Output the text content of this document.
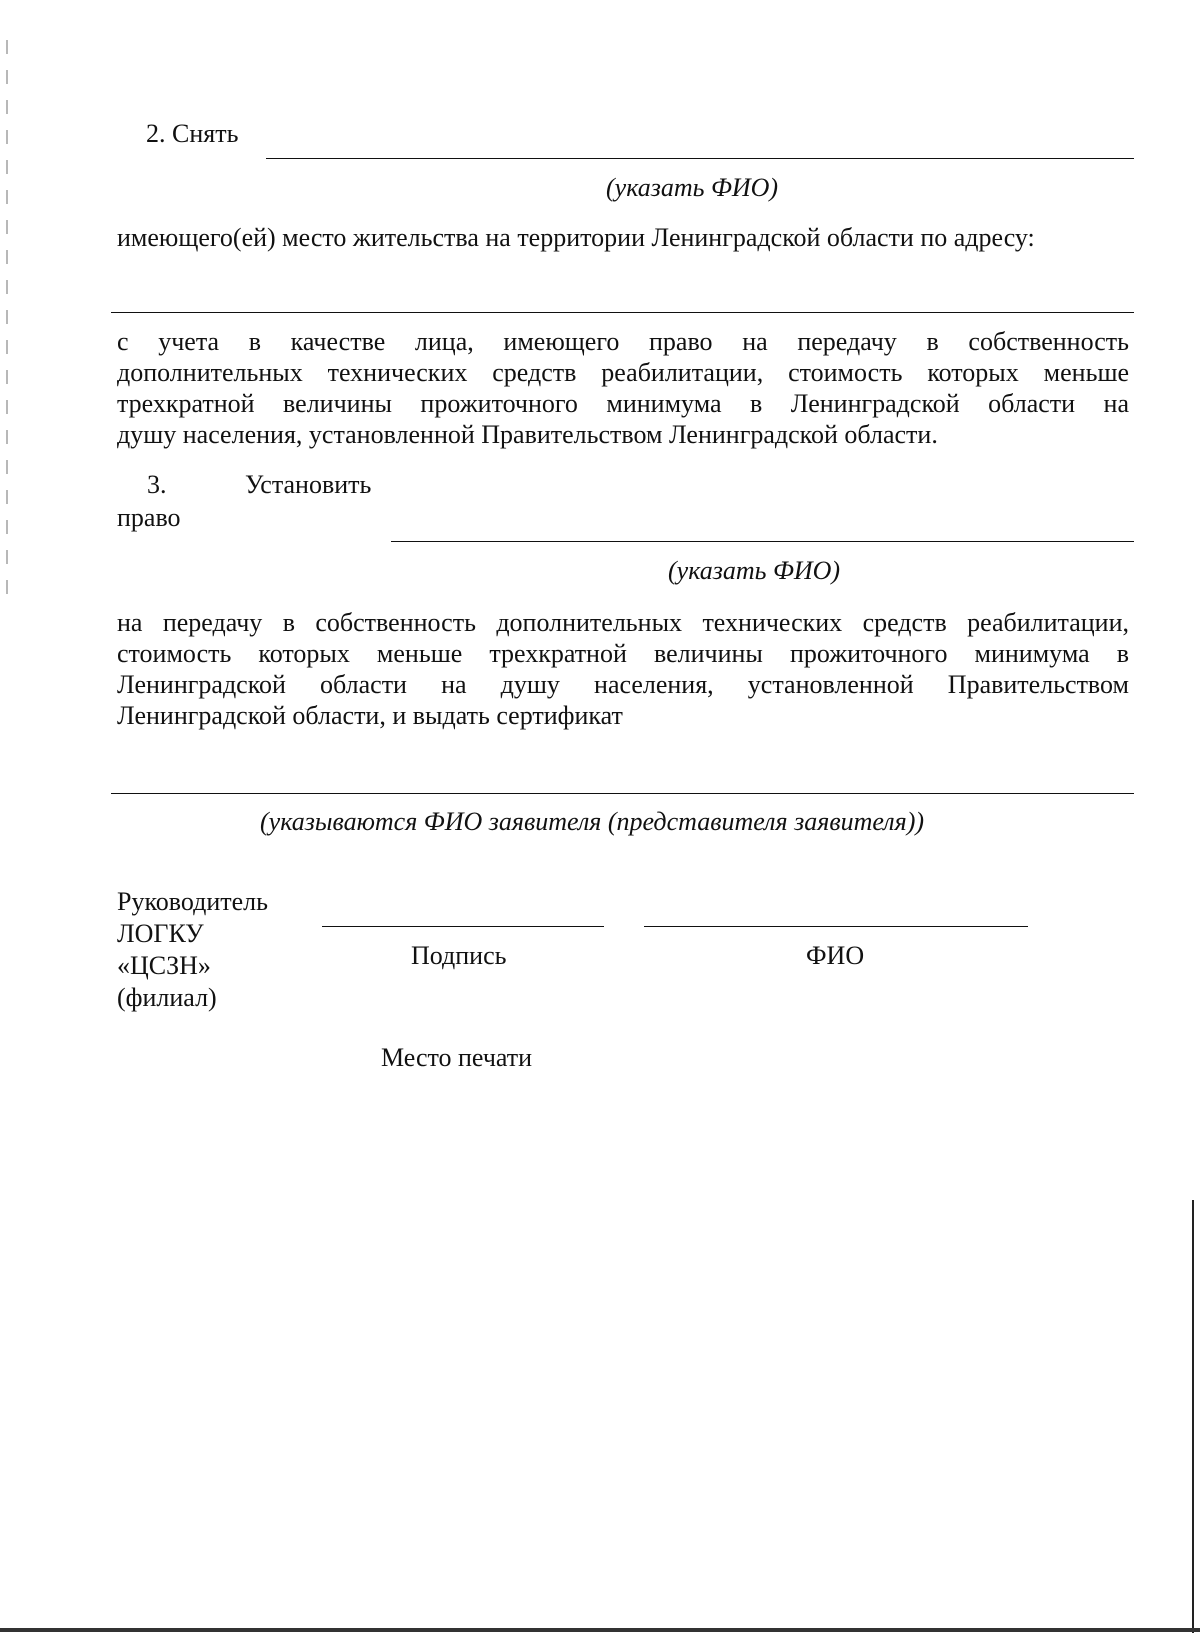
2. Снять
(указать ФИО)
имеющего(ей) место жительства на территории Ленинградской области по адресу:
с учета в качестве лица, имеющего право на передачу в собственность
дополнительных технических средств реабилитации, стоимость которых меньше
трехкратной величины прожиточного минимума в Ленинградской области на
душу населения, установленной Правительством Ленинградской области.
3.	Установить
право
(указать ФИО)
на передачу в собственность дополнительных технических средств реабилитации,
стоимость которых меньше трехкратной величины прожиточного минимума в
Ленинградской области на душу населения, установленной Правительством
Ленинградской области, и выдать сертификат
(указываются ФИО заявителя (представителя заявителя))
Руководитель
ЛОГКУ
«ЦСЗН»
(филиал)
Подпись	ФИО
Место печати
